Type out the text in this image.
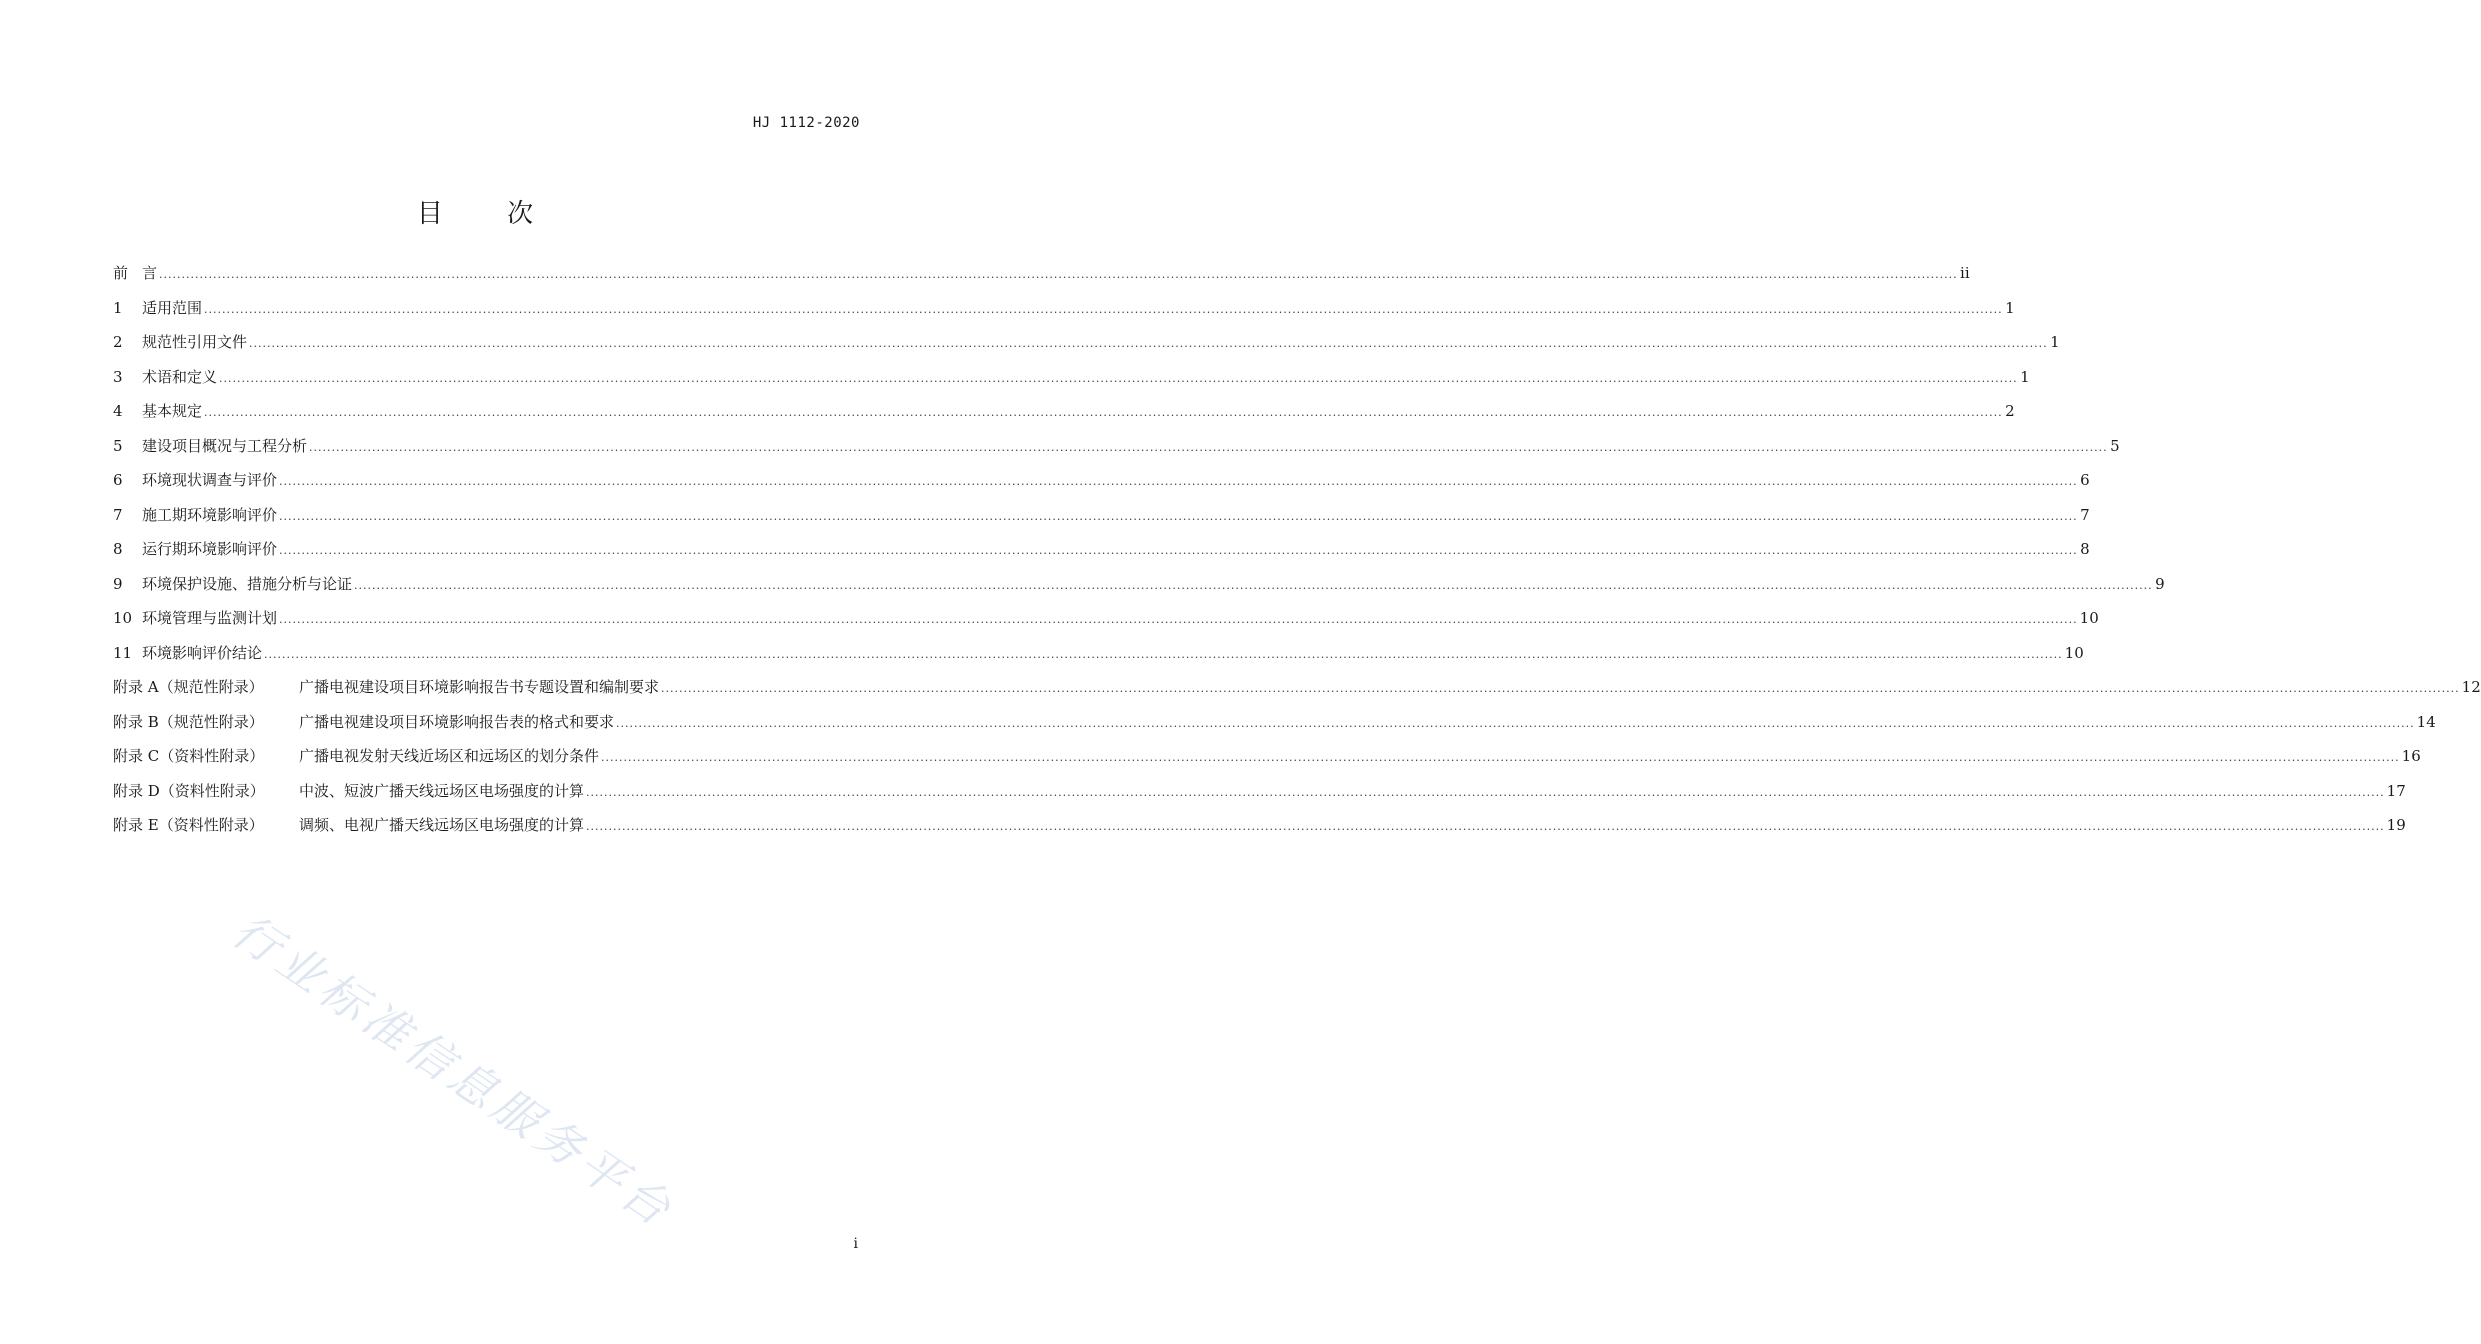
HJ 1112-2020
目 次
前 言 ................................................................................................................................................................................................................................................................................................................................................................................................................ ii
1	适用范围 ................................................................................................................................................................................................................................................................................................................................................................................................................ 1
2	规范性引用文件 ................................................................................................................................................................................................................................................................................................................................................................................................................ 1
3	术语和定义 ................................................................................................................................................................................................................................................................................................................................................................................................................ 1
4	基本规定 ................................................................................................................................................................................................................................................................................................................................................................................................................ 2
5	建设项目概况与工程分析 ................................................................................................................................................................................................................................................................................................................................................................................................................ 5
6	环境现状调查与评价 ................................................................................................................................................................................................................................................................................................................................................................................................................ 6
7	施工期环境影响评价 ................................................................................................................................................................................................................................................................................................................................................................................................................ 7
8	运行期环境影响评价 ................................................................................................................................................................................................................................................................................................................................................................................................................ 8
9	环境保护设施、措施分析与论证 ................................................................................................................................................................................................................................................................................................................................................................................................................ 9
10 环境管理与监测计划 ................................................................................................................................................................................................................................................................................................................................................................................................................ 10
11 环境影响评价结论 ................................................................................................................................................................................................................................................................................................................................................................................................................ 10
附录 A（规范性附录）	广播电视建设项目环境影响报告书专题设置和编制要求 ................................................................................................................................................................................................................................................................................................................................................................................................................ 12
附录 B（规范性附录）	广播电视建设项目环境影响报告表的格式和要求 ................................................................................................................................................................................................................................................................................................................................................................................................................ 14
附录 C（资料性附录）	广播电视发射天线近场区和远场区的划分条件 ................................................................................................................................................................................................................................................................................................................................................................................................................ 16
附录 D（资料性附录）	中波、短波广播天线远场区电场强度的计算 ................................................................................................................................................................................................................................................................................................................................................................................................................ 17
附录 E（资料性附录）	调频、电视广播天线远场区电场强度的计算 ................................................................................................................................................................................................................................................................................................................................................................................................................ 19
行业标准信息服务平台
i
